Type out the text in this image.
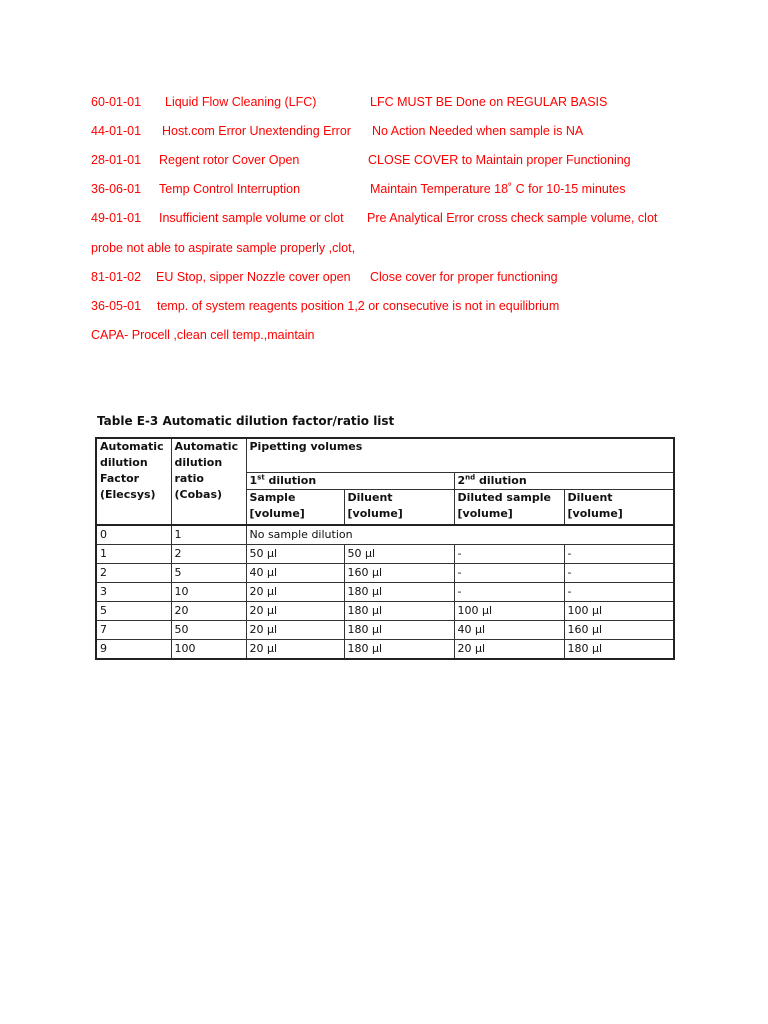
60-01-01 Liquid Flow Cleaning (LFC)	LFC MUST BE Done on REGULAR BASIS
44-01-01 Host.com Error Unextending Error No Action Needed when sample is NA
28-01-01 Regent rotor Cover Open	CLOSE COVER to Maintain proper Functioning
36-06-01 Temp Control Interruption	Maintain Temperature 18˚ C for 10-15 minutes
49-01-01 Insufficient sample volume or clot Pre Analytical Error cross check sample volume, clot
probe not able to aspirate sample properly ,clot,
81-01-02 EU Stop, sipper Nozzle cover open Close cover for proper functioning
36-05-01 temp. of system reagents position 1,2 or consecutive is not in equilibrium
CAPA- Procell ,clean cell temp.,maintain
Table E-3 Automatic dilution factor/ratio list
Automatic dilution Factor (Elecsys)	Automatic dilution ratio (Cobas)	Pipetting volumes			
		1st dilution		2nd dilution	
		Sample [volume]	Diluent [volume]	Diluted sample [volume]	Diluent [volume]
0	1	No sample dilution			
1	2	50 µl	50 µl	-	-
2	5	40 µl	160 µl	-	-
3	10	20 µl	180 µl	-	-
5	20	20 µl	180 µl	100 µl	100 µl
7	50	20 µl	180 µl	40 µl	160 µl
9	100	20 µl	180 µl	20 µl	180 µl
